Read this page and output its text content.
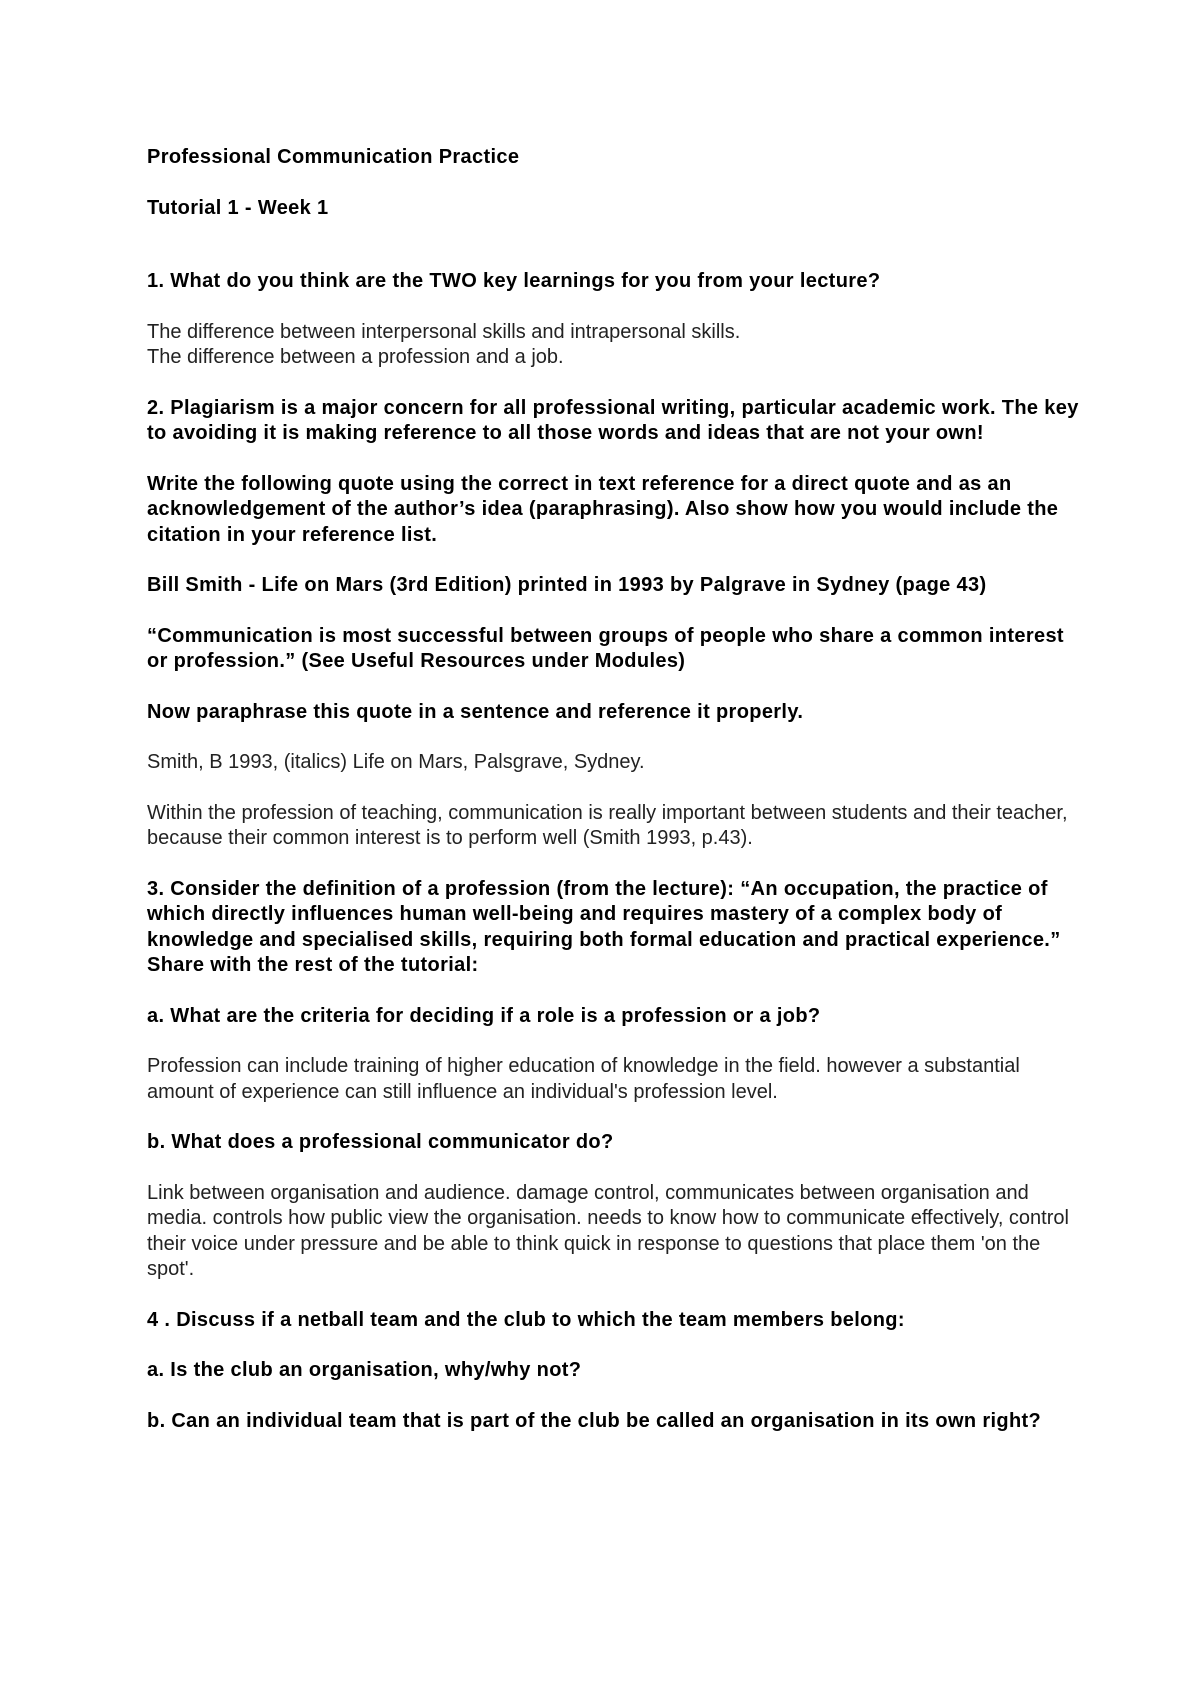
Professional Communication Practice

Tutorial 1 - Week 1

1. What do you think are the TWO key learnings for you from your lecture?

The difference between interpersonal skills and intrapersonal skills.

The difference between a profession and a job.

2. Plagiarism is a major concern for all professional writing, particular academic work. The key to avoiding it is making reference to all those words and ideas that are not your own!

Write the following quote using the correct in text reference for a direct quote and as an acknowledgement of the author’s idea (paraphrasing). Also show how you would include the citation in your reference list.

Bill Smith - Life on Mars (3rd Edition) printed in 1993 by Palgrave in Sydney (page 43)

“Communication is most successful between groups of people who share a common interest or profession.” (See Useful Resources under Modules)

Now paraphrase this quote in a sentence and reference it properly.

Smith, B 1993, (italics) Life on Mars, Palsgrave, Sydney.

Within the profession of teaching, communication is really important between students and their teacher, because their common interest is to perform well (Smith 1993, p.43).

3. Consider the definition of a profession (from the lecture): “An occupation, the practice of which directly influences human well-being and requires mastery of a complex body of knowledge and specialised skills, requiring both formal education and practical experience.”

Share with the rest of the tutorial:

a. What are the criteria for deciding if a role is a profession or a job?

Profession can include training of higher education of knowledge in the field. however a substantial amount of experience can still influence an individual's profession level.

b. What does a professional communicator do?

Link between organisation and audience. damage control, communicates between organisation and media. controls how public view the organisation. needs to know how to communicate effectively, control their voice under pressure and be able to think quick in response to questions that place them 'on the spot'.

4 . Discuss if a netball team and the club to which the team members belong:

a. Is the club an organisation, why/why not?

b. Can an individual team that is part of the club be called an organisation in its own right?
